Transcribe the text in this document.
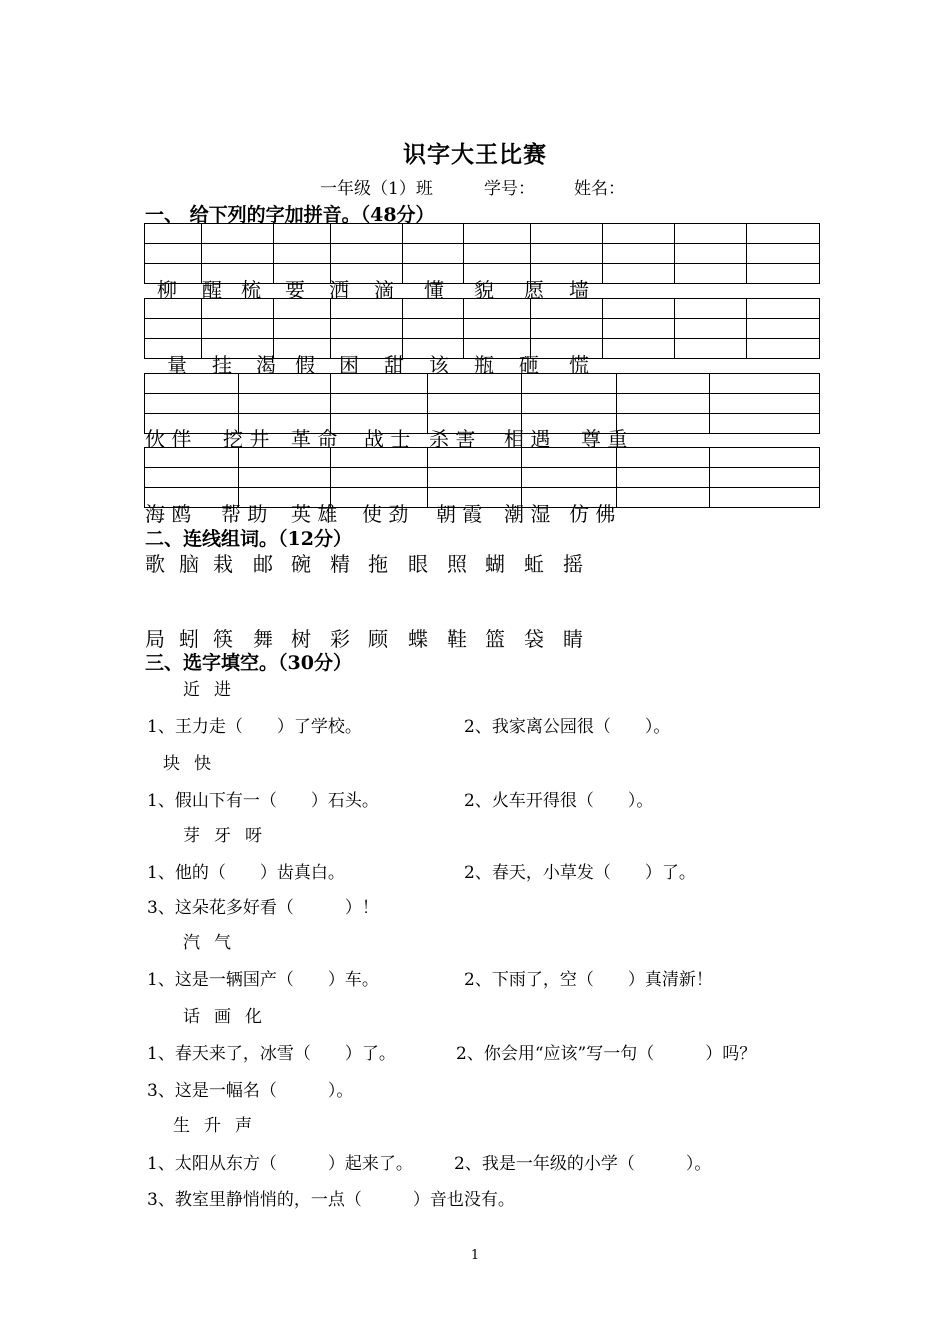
识字大王比赛
一年级（1）班	学号： 姓名：
一、 给下列的字加拼音。（48分）

柳 醒 梳 要 洒 滴 懂 貌 愿 墙

量 挂 渴 假 困 甜 该 瓶 砸 慌

伙 伴 挖 井 革 命 战 士 杀 害 相 遇 尊 重

海 鸥 帮 助 英 雄 使 劲 朝 霞 潮 湿 仿 佛
二、连线组词。（12分）
歌 脑 栽 邮 碗 精 拖 眼 照 蝴 蚯 摇
局 蚓 筷 舞 树 彩 顾 蝶 鞋 篮 袋 睛
三、选字填空。（30分）
近 进
1、王力走（　　）了学校。	2、我家离公园很（　　）。
块 快
1、假山下有一（　　）石头。	2、火车开得很（　　）。
芽 牙 呀
1、他的（　　）齿真白。	2、春天，小草发（　　）了。
3、这朵花多好看（　　　）！
汽 气
1、这是一辆国产（　　）车。	2、下雨了，空（　　）真清新！
话 画 化
1、春天来了，冰雪（　　）了。	2、你会用“应该”写一句（　　　）吗？
3、这是一幅名（　　　）。
生 升 声
1、太阳从东方（　　　）起来了。 2、我是一年级的小学（　　　）。
3、教室里静悄悄的，一点（　　　）音也没有。
1
